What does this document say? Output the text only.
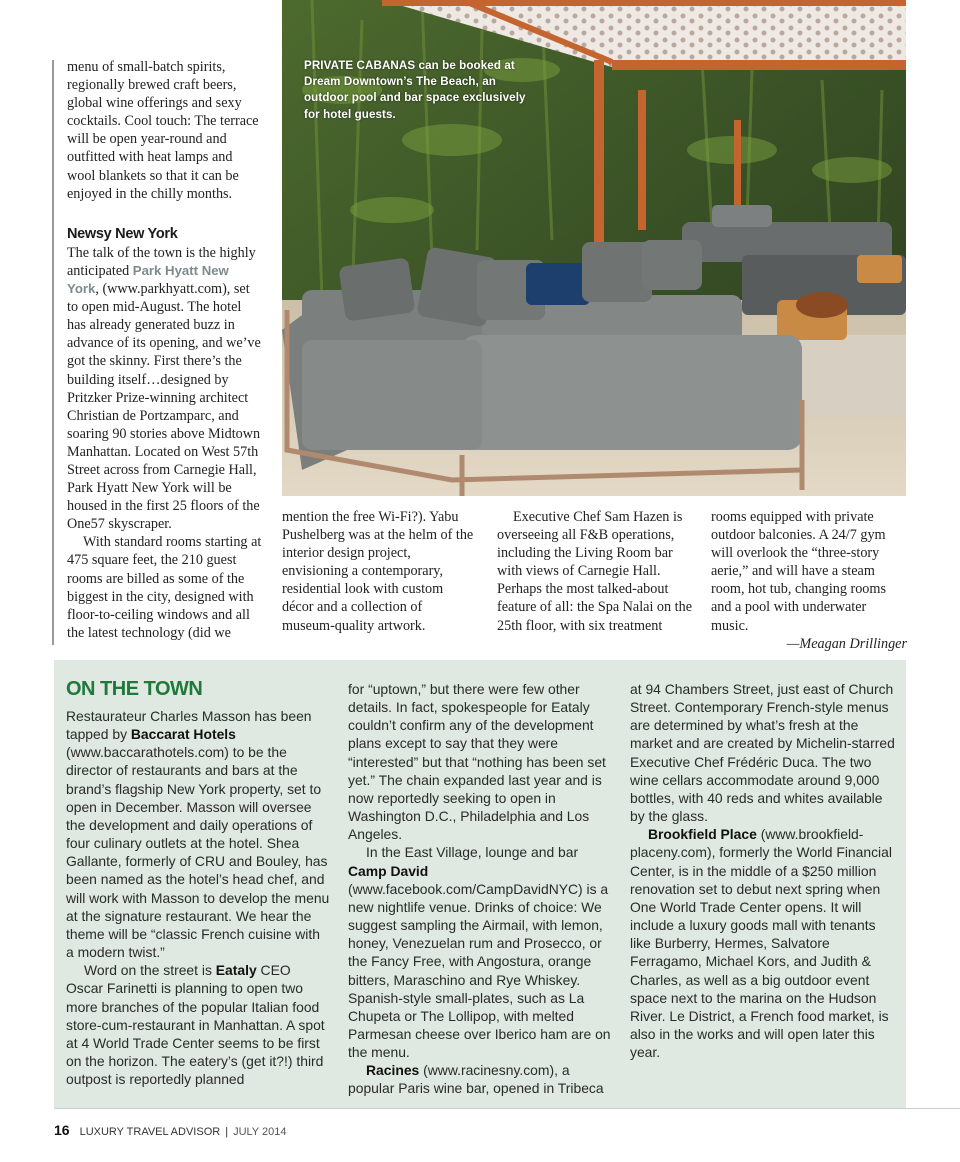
menu of small-batch spirits, regionally brewed craft beers, global wine offerings and sexy cocktails. Cool touch: The terrace will be open year-round and outfitted with heat lamps and wool blankets so that it can be enjoyed in the chilly months.

Newsy New York

The talk of the town is the highly anticipated Park Hyatt New York, (www.parkhyatt.com), set to open mid-August. The hotel has already generated buzz in advance of its opening, and we’ve got the skinny. First there’s the building itself…designed by Pritzker Prize-winning architect Christian de Portzamparc, and soaring 90 stories above Midtown Manhattan. Located on West 57th Street across from Carnegie Hall, Park Hyatt New York will be housed in the first 25 floors of the One57 skyscraper.

With standard rooms starting at 475 square feet, the 210 guest rooms are billed as some of the biggest in the city, designed with floor-to-ceiling windows and all the latest technology (did we

PRIVATE CABANAS can be booked at Dream Downtown’s The Beach, an outdoor pool and bar space exclusively for hotel guests.

mention the free Wi-Fi?). Yabu Pushelberg was at the helm of the interior design project, envisioning a contemporary, residential look with custom décor and a collection of museum-quality artwork.

Executive Chef Sam Hazen is overseeing all F&B operations, including the Living Room bar with views of Carnegie Hall. Perhaps the most talked-about feature of all: the Spa Nalai on the 25th floor, with six treatment

rooms equipped with private outdoor balconies. A 24/7 gym will overlook the “three-story aerie,” and will have a steam room, hot tub, changing rooms and a pool with underwater music.

—Meagan Drillinger

ON THE TOWN

Restaurateur Charles Masson has been tapped by Baccarat Hotels (www.baccarathotels.com) to be the director of restaurants and bars at the brand’s flagship New York property, set to open in December. Masson will oversee the development and daily operations of four culinary outlets at the hotel. Shea Gallante, formerly of CRU and Bouley, has been named as the hotel’s head chef, and will work with Masson to develop the menu at the signature restaurant. We hear the theme will be “classic French cuisine with a modern twist.”

Word on the street is Eataly CEO Oscar Farinetti is planning to open two more branches of the popular Italian food store-cum-restaurant in Manhattan. A spot at 4 World Trade Center seems to be first on the horizon. The eatery’s (get it?!) third outpost is reportedly planned

for “uptown,” but there were few other details. In fact, spokespeople for Eataly couldn’t confirm any of the development plans except to say that they were “interested” but that “nothing has been set yet.” The chain expanded last year and is now reportedly seeking to open in Washington D.C., Philadelphia and Los Angeles.

In the East Village, lounge and bar Camp David (www.facebook.com/CampDavidNYC) is a new nightlife venue. Drinks of choice: We suggest sampling the Airmail, with lemon, honey, Venezuelan rum and Prosecco, or the Fancy Free, with Angostura, orange bitters, Maraschino and Rye Whiskey. Spanish-style small-plates, such as La Chupeta or The Lollipop, with melted Parmesan cheese over Iberico ham are on the menu.

Racines (www.racinesny.com), a popular Paris wine bar, opened in Tribeca

at 94 Chambers Street, just east of Church Street. Contemporary French-style menus are determined by what’s fresh at the market and are created by Michelin-starred Executive Chef Frédéric Duca. The two wine cellars accommodate around 9,000 bottles, with 40 reds and whites available by the glass.

Brookfield Place (www.brookfield-placeny.com), formerly the World Financial Center, is in the middle of a $250 million renovation set to debut next spring when One World Trade Center opens. It will include a luxury goods mall with tenants like Burberry, Hermes, Salvatore Ferragamo, Michael Kors, and Judith & Charles, as well as a big outdoor event space next to the marina on the Hudson River. Le District, a French food market, is also in the works and will open later this year.

16 LUXURY TRAVEL ADVISOR | JULY 2014
